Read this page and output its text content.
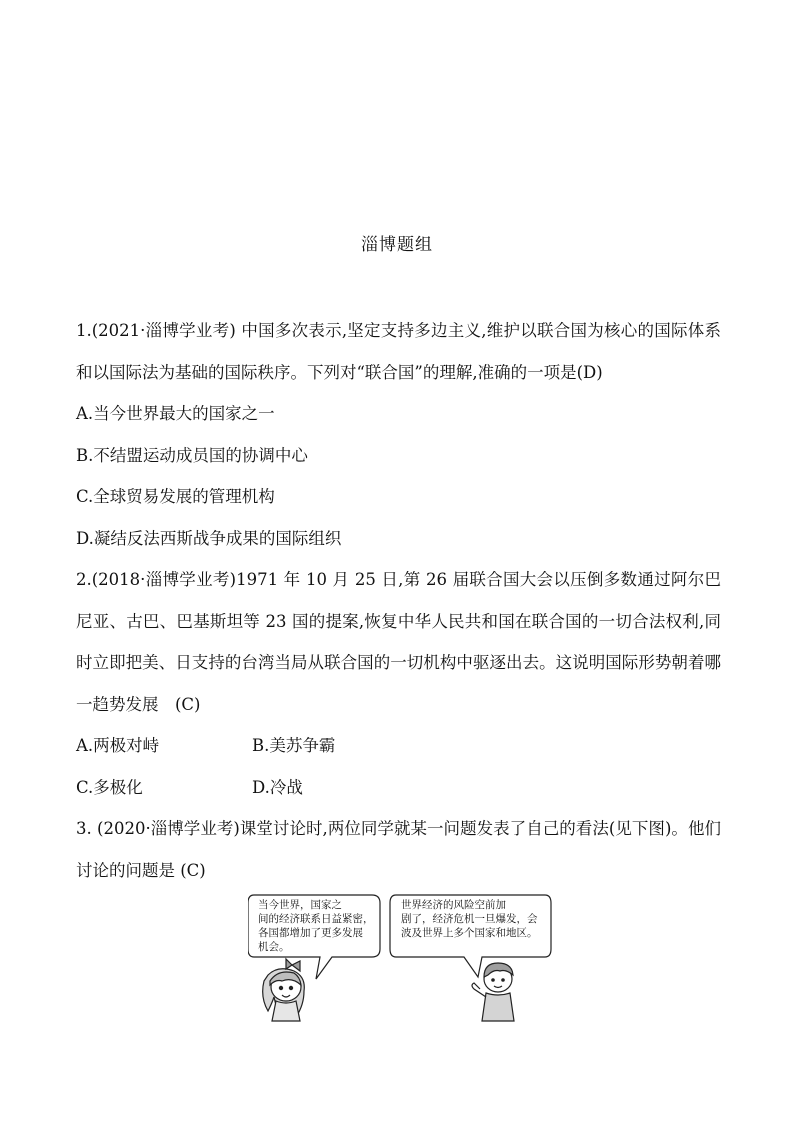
淄博题组

1.(2021·淄博学业考) 中国多次表示,坚定支持多边主义,维护以联合国为核心的国际体系和以国际法为基础的国际秩序。下列对“联合国”的理解,准确的一项是(D)

A.当今世界最大的国家之一

B.不结盟运动成员国的协调中心

C.全球贸易发展的管理机构

D.凝结反法西斯战争成果的国际组织

2.(2018·淄博学业考)1971 年 10 月 25 日,第 26 届联合国大会以压倒多数通过阿尔巴尼亚、古巴、巴基斯坦等 23 国的提案,恢复中华人民共和国在联合国的一切合法权利,同时立即把美、日支持的台湾当局从联合国的一切机构中驱逐出去。这说明国际形势朝着哪一趋势发展　(C)

A.两极对峙	B.美苏争霸
C.多极化	D.冷战

3. (2020·淄博学业考)课堂讨论时,两位同学就某一问题发表了自己的看法(见下图)。他们讨论的问题是 (C)

当今世界，国家之
间的经济联系日益紧密，
各国都增加了更多发展
机会。
世界经济的风险空前加
剧了，经济危机一旦爆发，会
波及世界上多个国家和地区。
